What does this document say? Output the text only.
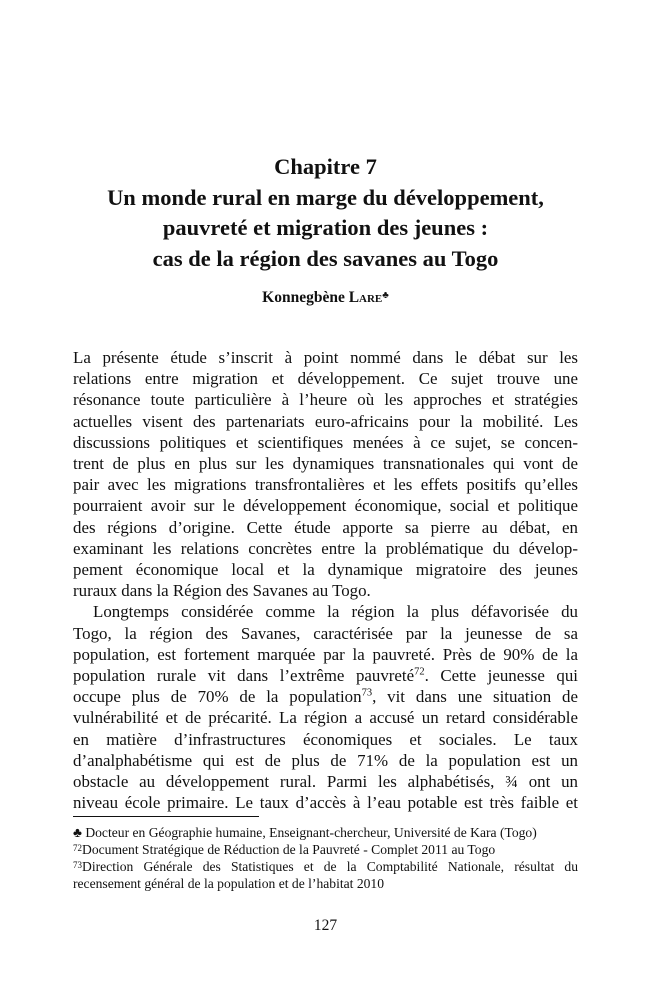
Chapitre 7
Un monde rural en marge du développement,
pauvreté et migration des jeunes :
cas de la région des savanes au Togo
Konnegbène Lare♣

La présente étude s’inscrit à point nommé dans le débat sur les
relations entre migration et développement. Ce sujet trouve une
résonance toute particulière à l’heure où les approches et stratégies
actuelles visent des partenariats euro-africains pour la mobilité. Les
discussions politiques et scientifiques menées à ce sujet, se concen-
trent de plus en plus sur les dynamiques transnationales qui vont de
pair avec les migrations transfrontalières et les effets positifs qu’elles
pourraient avoir sur le développement économique, social et politique
des régions d’origine. Cette étude apporte sa pierre au débat, en
examinant les relations concrètes entre la problématique du dévelop-
pement économique local et la dynamique migratoire des jeunes
ruraux dans la Région des Savanes au Togo.

Longtemps considérée comme la région la plus défavorisée du
Togo, la région des Savanes, caractérisée par la jeunesse de sa
population, est fortement marquée par la pauvreté. Près de 90% de la
population rurale vit dans l’extrême pauvreté$^{72}$. Cette jeunesse qui
occupe plus de 70% de la population$^{73}$, vit dans une situation de
vulnérabilité et de précarité. La région a accusé un retard considérable
en matière d’infrastructures économiques et sociales. Le taux
d’analphabétisme qui est de plus de 71% de la population est un
obstacle au développement rural. Parmi les alphabétisés, ¾ ont un
niveau école primaire. Le taux d’accès à l’eau potable est très faible et

♣ Docteur en Géographie humaine, Enseignant-chercheur, Université de Kara (Togo)
$^{72}$Document Stratégique de Réduction de la Pauvreté - Complet 2011 au Togo
$^{73}$Direction Générale des Statistiques et de la Comptabilité Nationale, résultat du
recensement général de la population et de l’habitat 2010
127
